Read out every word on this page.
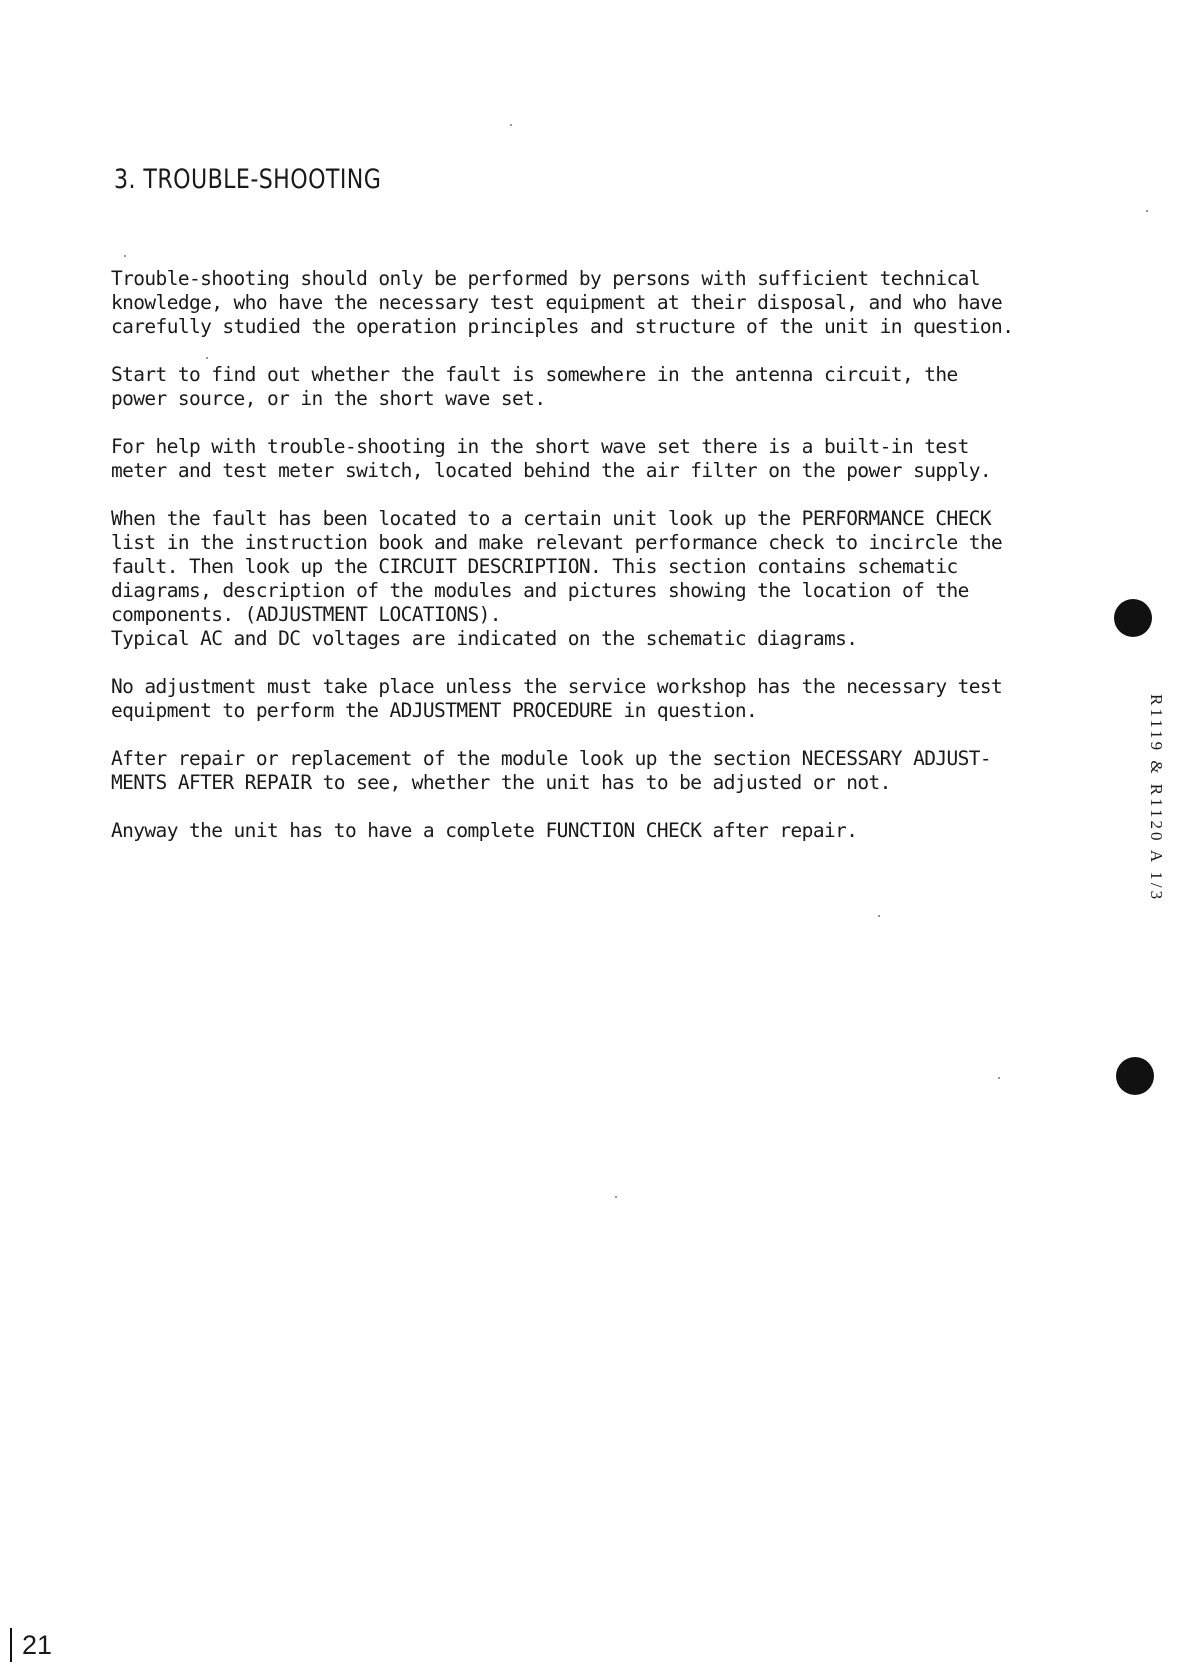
3. TROUBLE-SHOOTING

Trouble-shooting should only be performed by persons with sufficient technical
knowledge, who have the necessary test equipment at their disposal, and who have
carefully studied the operation principles and structure of the unit in question.

Start to find out whether the fault is somewhere in the antenna circuit, the
power source, or in the short wave set.

For help with trouble-shooting in the short wave set there is a built-in test
meter and test meter switch, located behind the air filter on the power supply.

When the fault has been located to a certain unit look up the PERFORMANCE CHECK
list in the instruction book and make relevant performance check to incircle the
fault. Then look up the CIRCUIT DESCRIPTION. This section contains schematic
diagrams, description of the modules and pictures showing the location of the
components. (ADJUSTMENT LOCATIONS).

Typical AC and DC voltages are indicated on the schematic diagrams.

No adjustment must take place unless the service workshop has the necessary test
equipment to perform the ADJUSTMENT PROCEDURE in question.

After repair or replacement of the module look up the section NECESSARY ADJUST-
MENTS AFTER REPAIR to see, whether the unit has to be adjusted or not.

Anyway the unit has to have a complete FUNCTION CHECK after repair.	R1119 & R1120 A 1/3
21
